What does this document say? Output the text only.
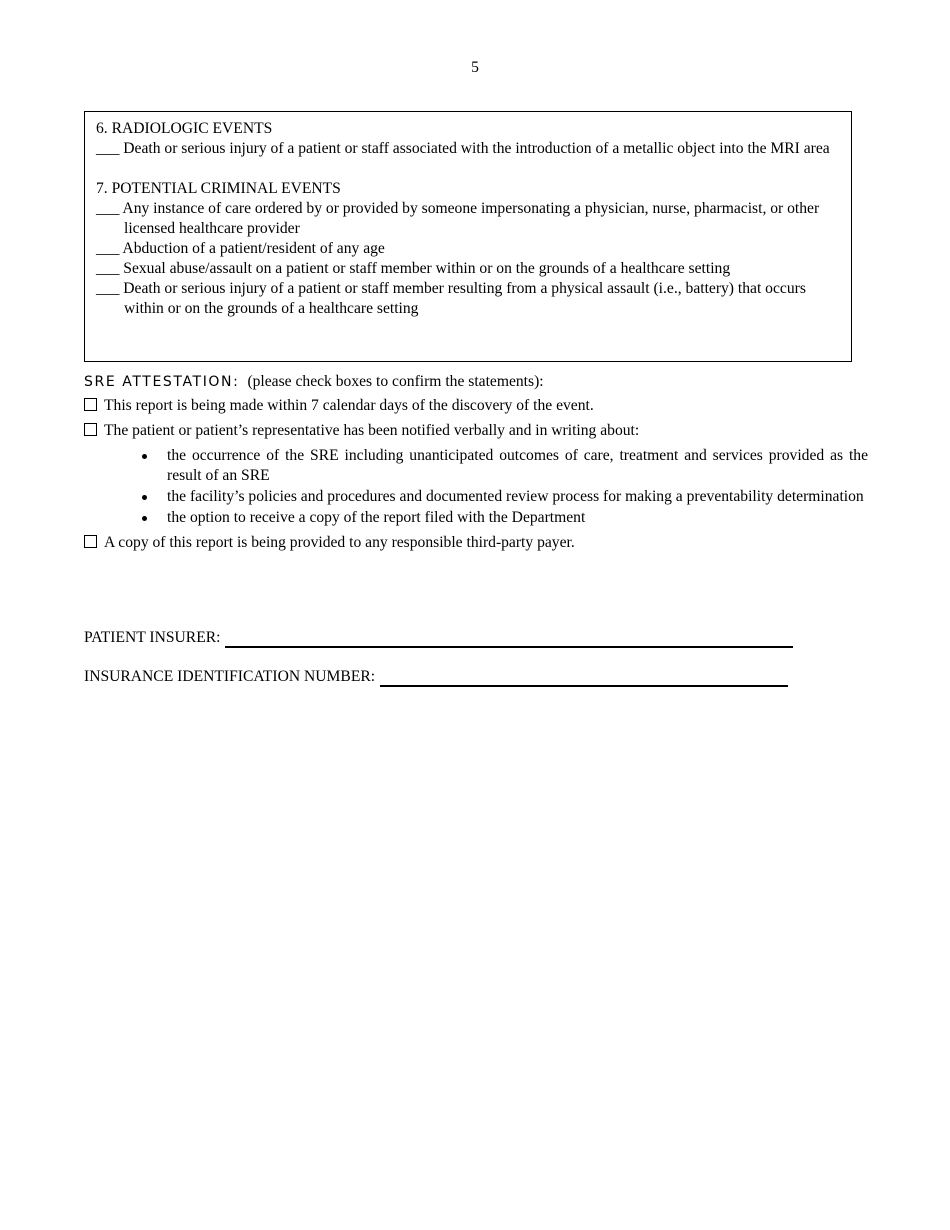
5

6. RADIOLOGIC EVENTS

___ Death or serious injury of a patient or staff associated with the introduction of a metallic object into the MRI area

7. POTENTIAL CRIMINAL EVENTS

___ Any instance of care ordered by or provided by someone impersonating a physician, nurse, pharmacist, or other licensed healthcare provider

___ Abduction of a patient/resident of any age

___ Sexual abuse/assault on a patient or staff member within or on the grounds of a healthcare setting

___ Death or serious injury of a patient or staff member resulting from a physical assault (i.e., battery) that occurs within or on the grounds of a healthcare setting

SRE ATTESTATION: (please check boxes to confirm the statements):

This report is being made within 7 calendar days of the discovery of the event.

The patient or patient’s representative has been notified verbally and in writing about:

the occurrence of the SRE including unanticipated outcomes of care, treatment and services provided as the result of an SRE
the facility’s policies and procedures and documented review process for making a preventability determination
the option to receive a copy of the report filed with the Department

A copy of this report is being provided to any responsible third-party payer.

PATIENT INSURER:
INSURANCE IDENTIFICATION NUMBER:
